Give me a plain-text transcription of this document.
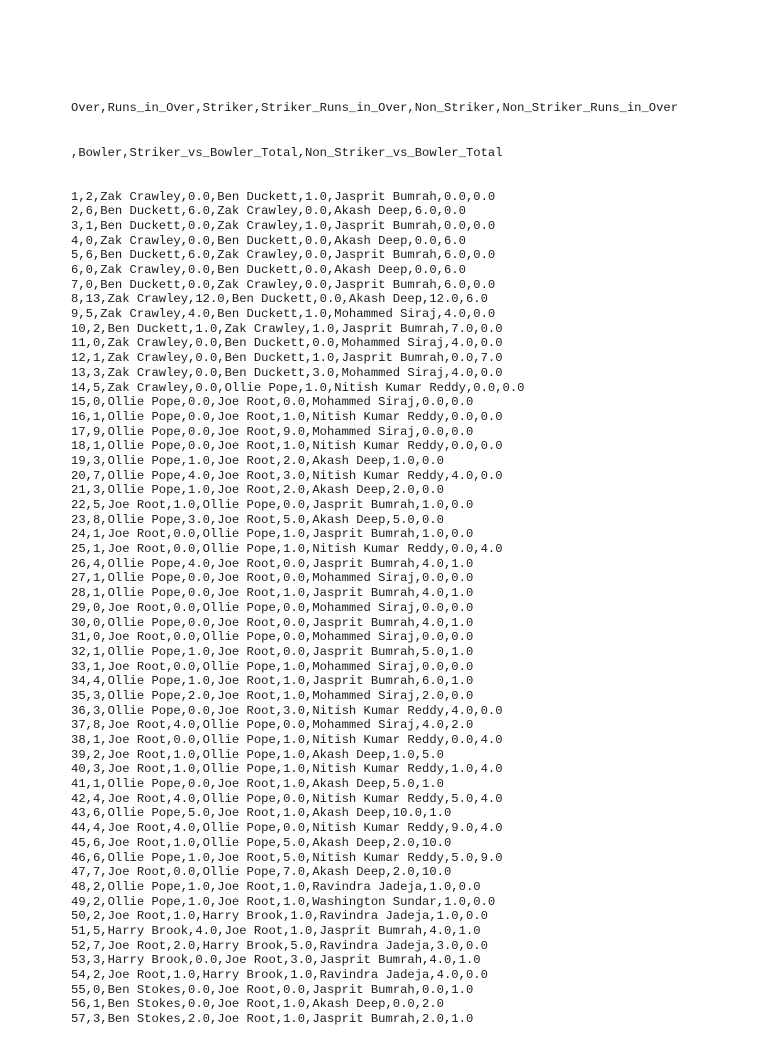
Over,Runs_in_Over,Striker,Striker_Runs_in_Over,Non_Striker,Non_Striker_Runs_in_Over

,Bowler,Striker_vs_Bowler_Total,Non_Striker_vs_Bowler_Total

1,2,Zak Crawley,0.0,Ben Duckett,1.0,Jasprit Bumrah,0.0,0.0
2,6,Ben Duckett,6.0,Zak Crawley,0.0,Akash Deep,6.0,0.0
3,1,Ben Duckett,0.0,Zak Crawley,1.0,Jasprit Bumrah,0.0,0.0
4,0,Zak Crawley,0.0,Ben Duckett,0.0,Akash Deep,0.0,6.0
5,6,Ben Duckett,6.0,Zak Crawley,0.0,Jasprit Bumrah,6.0,0.0
6,0,Zak Crawley,0.0,Ben Duckett,0.0,Akash Deep,0.0,6.0
7,0,Ben Duckett,0.0,Zak Crawley,0.0,Jasprit Bumrah,6.0,0.0
8,13,Zak Crawley,12.0,Ben Duckett,0.0,Akash Deep,12.0,6.0
9,5,Zak Crawley,4.0,Ben Duckett,1.0,Mohammed Siraj,4.0,0.0
10,2,Ben Duckett,1.0,Zak Crawley,1.0,Jasprit Bumrah,7.0,0.0
11,0,Zak Crawley,0.0,Ben Duckett,0.0,Mohammed Siraj,4.0,0.0
12,1,Zak Crawley,0.0,Ben Duckett,1.0,Jasprit Bumrah,0.0,7.0
13,3,Zak Crawley,0.0,Ben Duckett,3.0,Mohammed Siraj,4.0,0.0
14,5,Zak Crawley,0.0,Ollie Pope,1.0,Nitish Kumar Reddy,0.0,0.0
15,0,Ollie Pope,0.0,Joe Root,0.0,Mohammed Siraj,0.0,0.0
16,1,Ollie Pope,0.0,Joe Root,1.0,Nitish Kumar Reddy,0.0,0.0
17,9,Ollie Pope,0.0,Joe Root,9.0,Mohammed Siraj,0.0,0.0
18,1,Ollie Pope,0.0,Joe Root,1.0,Nitish Kumar Reddy,0.0,0.0
19,3,Ollie Pope,1.0,Joe Root,2.0,Akash Deep,1.0,0.0
20,7,Ollie Pope,4.0,Joe Root,3.0,Nitish Kumar Reddy,4.0,0.0
21,3,Ollie Pope,1.0,Joe Root,2.0,Akash Deep,2.0,0.0
22,5,Joe Root,1.0,Ollie Pope,0.0,Jasprit Bumrah,1.0,0.0
23,8,Ollie Pope,3.0,Joe Root,5.0,Akash Deep,5.0,0.0
24,1,Joe Root,0.0,Ollie Pope,1.0,Jasprit Bumrah,1.0,0.0
25,1,Joe Root,0.0,Ollie Pope,1.0,Nitish Kumar Reddy,0.0,4.0
26,4,Ollie Pope,4.0,Joe Root,0.0,Jasprit Bumrah,4.0,1.0
27,1,Ollie Pope,0.0,Joe Root,0.0,Mohammed Siraj,0.0,0.0
28,1,Ollie Pope,0.0,Joe Root,1.0,Jasprit Bumrah,4.0,1.0
29,0,Joe Root,0.0,Ollie Pope,0.0,Mohammed Siraj,0.0,0.0
30,0,Ollie Pope,0.0,Joe Root,0.0,Jasprit Bumrah,4.0,1.0
31,0,Joe Root,0.0,Ollie Pope,0.0,Mohammed Siraj,0.0,0.0
32,1,Ollie Pope,1.0,Joe Root,0.0,Jasprit Bumrah,5.0,1.0
33,1,Joe Root,0.0,Ollie Pope,1.0,Mohammed Siraj,0.0,0.0
34,4,Ollie Pope,1.0,Joe Root,1.0,Jasprit Bumrah,6.0,1.0
35,3,Ollie Pope,2.0,Joe Root,1.0,Mohammed Siraj,2.0,0.0
36,3,Ollie Pope,0.0,Joe Root,3.0,Nitish Kumar Reddy,4.0,0.0
37,8,Joe Root,4.0,Ollie Pope,0.0,Mohammed Siraj,4.0,2.0
38,1,Joe Root,0.0,Ollie Pope,1.0,Nitish Kumar Reddy,0.0,4.0
39,2,Joe Root,1.0,Ollie Pope,1.0,Akash Deep,1.0,5.0
40,3,Joe Root,1.0,Ollie Pope,1.0,Nitish Kumar Reddy,1.0,4.0
41,1,Ollie Pope,0.0,Joe Root,1.0,Akash Deep,5.0,1.0
42,4,Joe Root,4.0,Ollie Pope,0.0,Nitish Kumar Reddy,5.0,4.0
43,6,Ollie Pope,5.0,Joe Root,1.0,Akash Deep,10.0,1.0
44,4,Joe Root,4.0,Ollie Pope,0.0,Nitish Kumar Reddy,9.0,4.0
45,6,Joe Root,1.0,Ollie Pope,5.0,Akash Deep,2.0,10.0
46,6,Ollie Pope,1.0,Joe Root,5.0,Nitish Kumar Reddy,5.0,9.0
47,7,Joe Root,0.0,Ollie Pope,7.0,Akash Deep,2.0,10.0
48,2,Ollie Pope,1.0,Joe Root,1.0,Ravindra Jadeja,1.0,0.0
49,2,Ollie Pope,1.0,Joe Root,1.0,Washington Sundar,1.0,0.0
50,2,Joe Root,1.0,Harry Brook,1.0,Ravindra Jadeja,1.0,0.0
51,5,Harry Brook,4.0,Joe Root,1.0,Jasprit Bumrah,4.0,1.0
52,7,Joe Root,2.0,Harry Brook,5.0,Ravindra Jadeja,3.0,0.0
53,3,Harry Brook,0.0,Joe Root,3.0,Jasprit Bumrah,4.0,1.0
54,2,Joe Root,1.0,Harry Brook,1.0,Ravindra Jadeja,4.0,0.0
55,0,Ben Stokes,0.0,Joe Root,0.0,Jasprit Bumrah,0.0,1.0
56,1,Ben Stokes,0.0,Joe Root,1.0,Akash Deep,0.0,2.0
57,3,Ben Stokes,2.0,Joe Root,1.0,Jasprit Bumrah,2.0,1.0
